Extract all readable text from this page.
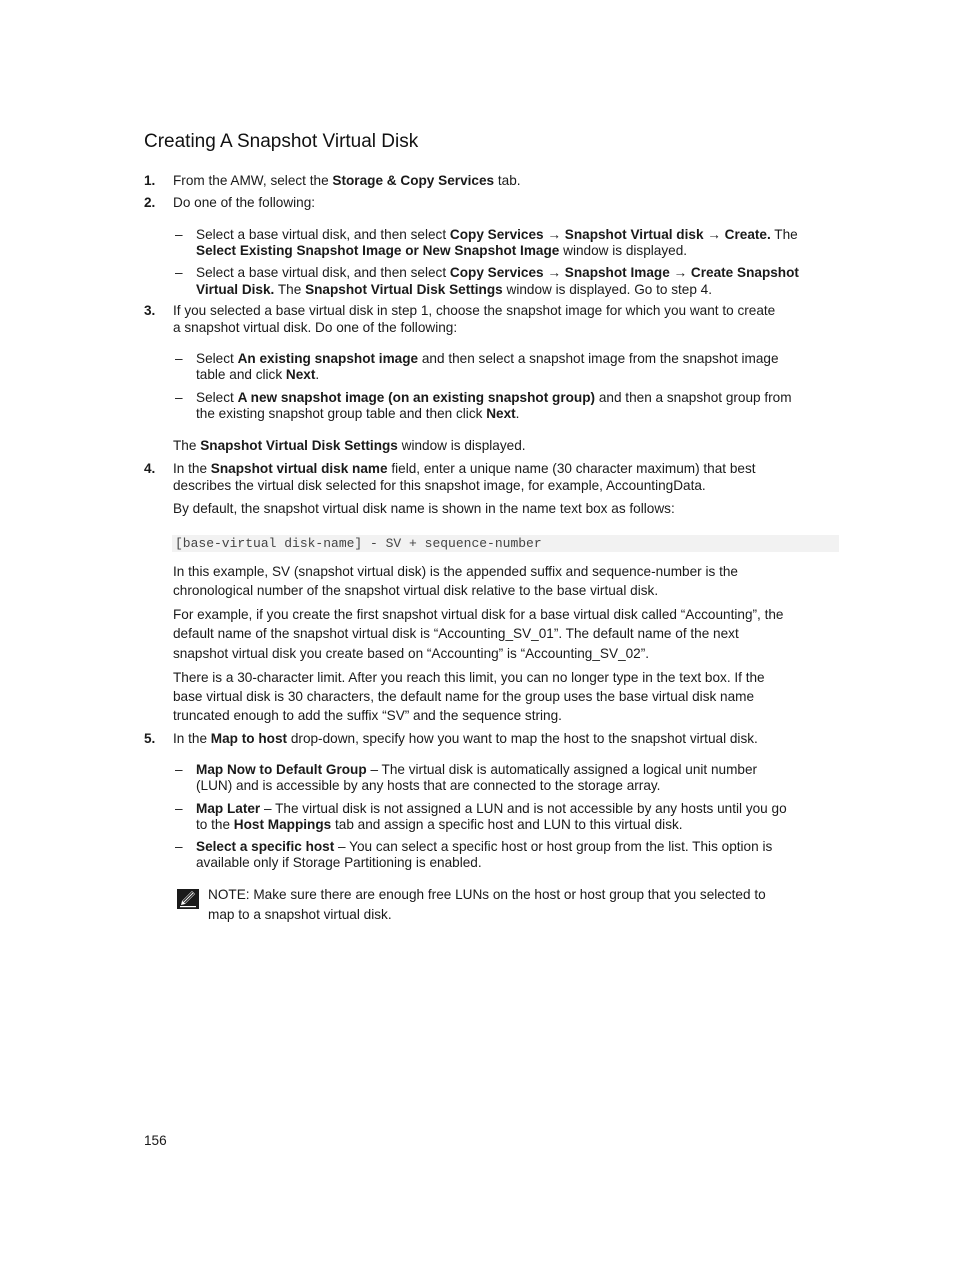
Creating A Snapshot Virtual Disk
1. From the AMW, select the Storage & Copy Services tab.
2. Do one of the following:
– Select a base virtual disk, and then select Copy Services → Snapshot Virtual disk → Create. The
Select Existing Snapshot Image or New Snapshot Image window is displayed.
– Select a base virtual disk, and then select Copy Services → Snapshot Image → Create Snapshot
Virtual Disk. The Snapshot Virtual Disk Settings window is displayed. Go to step 4.
3. If you selected a base virtual disk in step 1, choose the snapshot image for which you want to create
a snapshot virtual disk. Do one of the following:
– Select An existing snapshot image and then select a snapshot image from the snapshot image
table and click Next.
– Select A new snapshot image (on an existing snapshot group) and then a snapshot group from
the existing snapshot group table and then click Next.
The Snapshot Virtual Disk Settings window is displayed.
4. In the Snapshot virtual disk name field, enter a unique name (30 character maximum) that best
describes the virtual disk selected for this snapshot image, for example, AccountingData.
By default, the snapshot virtual disk name is shown in the name text box as follows:
[base-virtual disk-name] - SV + sequence-number
In this example, SV (snapshot virtual disk) is the appended suffix and sequence-number is the
chronological number of the snapshot virtual disk relative to the base virtual disk.
For example, if you create the first snapshot virtual disk for a base virtual disk called “Accounting”, the
default name of the snapshot virtual disk is “Accounting_SV_01”. The default name of the next
snapshot virtual disk you create based on “Accounting” is “Accounting_SV_02”.
There is a 30-character limit. After you reach this limit, you can no longer type in the text box. If the
base virtual disk is 30 characters, the default name for the group uses the base virtual disk name
truncated enough to add the suffix “SV” and the sequence string.
5. In the Map to host drop-down, specify how you want to map the host to the snapshot virtual disk.
– Map Now to Default Group – The virtual disk is automatically assigned a logical unit number
(LUN) and is accessible by any hosts that are connected to the storage array.
– Map Later – The virtual disk is not assigned a LUN and is not accessible by any hosts until you go
to the Host Mappings tab and assign a specific host and LUN to this virtual disk.
– Select a specific host – You can select a specific host or host group from the list. This option is
available only if Storage Partitioning is enabled.
NOTE: Make sure there are enough free LUNs on the host or host group that you selected to
map to a snapshot virtual disk.
156
